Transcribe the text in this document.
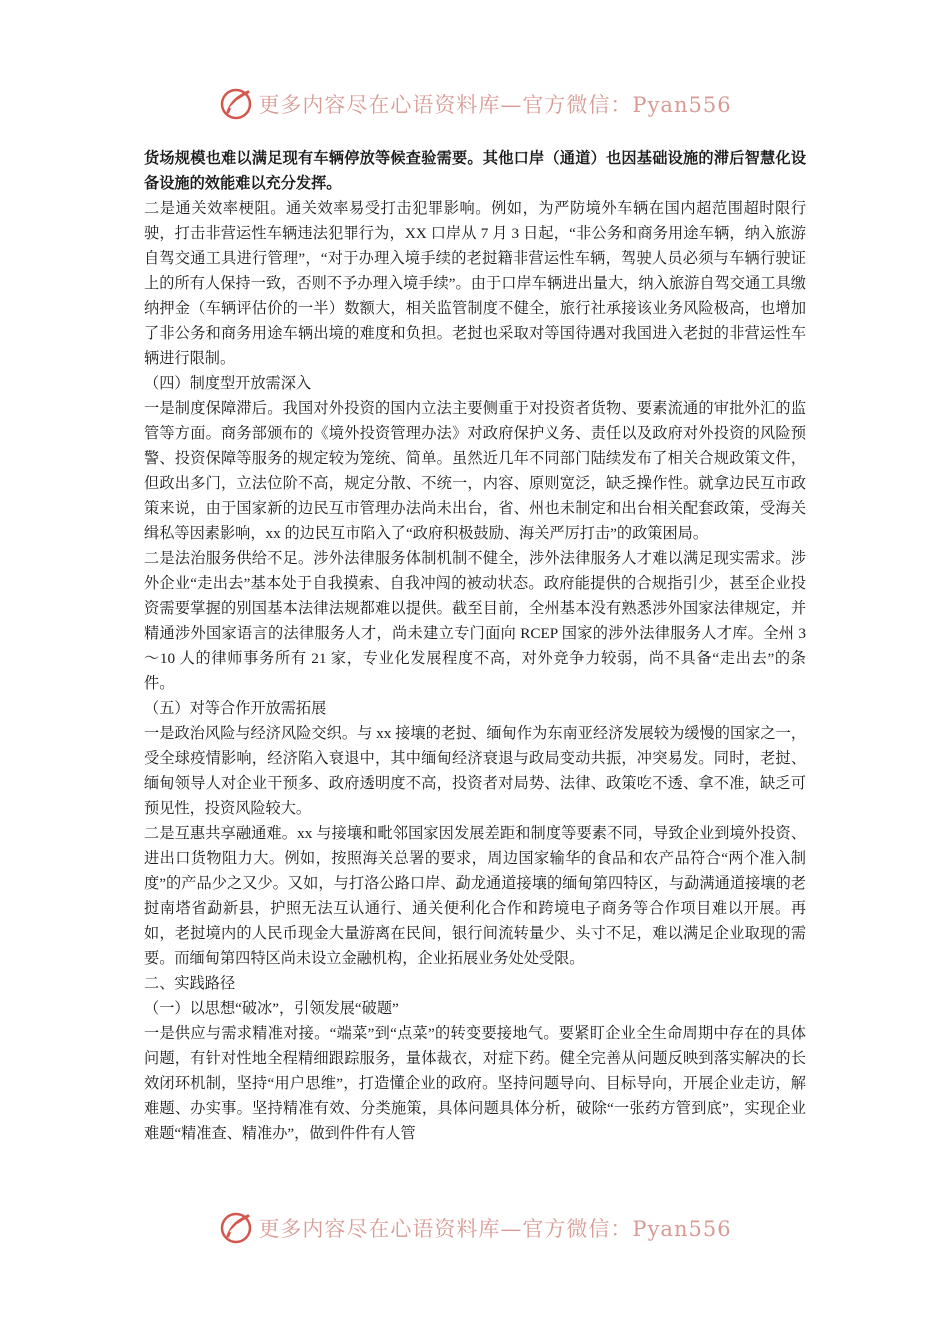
更多内容尽在心语资料库—官方微信：Pyan556

货场规模也难以满足现有车辆停放等候查验需要。其他口岸（通道）也因基础设施的滞后智慧化设备设施的效能难以充分发挥。

二是通关效率梗阻。通关效率易受打击犯罪影响。例如，为严防境外车辆在国内超范围超时限行驶，打击非营运性车辆违法犯罪行为，XX 口岸从 7 月 3 日起，“非公务和商务用途车辆，纳入旅游自驾交通工具进行管理”，“对于办理入境手续的老挝籍非营运性车辆，驾驶人员必须与车辆行驶证上的所有人保持一致，否则不予办理入境手续”。由于口岸车辆进出量大，纳入旅游自驾交通工具缴纳押金（车辆评估价的一半）数额大，相关监管制度不健全，旅行社承接该业务风险极高，也增加了非公务和商务用途车辆出境的难度和负担。老挝也采取对等国待遇对我国进入老挝的非营运性车辆进行限制。

（四）制度型开放需深入

一是制度保障滞后。我国对外投资的国内立法主要侧重于对投资者货物、要素流通的审批外汇的监管等方面。商务部颁布的《境外投资管理办法》对政府保护义务、责任以及政府对外投资的风险预警、投资保障等服务的规定较为笼统、简单。虽然近几年不同部门陆续发布了相关合规政策文件，但政出多门，立法位阶不高，规定分散、不统一，内容、原则宽泛，缺乏操作性。就拿边民互市政策来说，由于国家新的边民互市管理办法尚未出台，省、州也未制定和出台相关配套政策，受海关缉私等因素影响，xx 的边民互市陷入了“政府积极鼓励、海关严厉打击”的政策困局。

二是法治服务供给不足。涉外法律服务体制机制不健全，涉外法律服务人才难以满足现实需求。涉外企业“走出去”基本处于自我摸索、自我冲闯的被动状态。政府能提供的合规指引少，甚至企业投资需要掌握的别国基本法律法规都难以提供。截至目前，全州基本没有熟悉涉外国家法律规定，并精通涉外国家语言的法律服务人才，尚未建立专门面向 RCEP 国家的涉外法律服务人才库。全州 3～10 人的律师事务所有 21 家，专业化发展程度不高，对外竞争力较弱，尚不具备“走出去”的条件。

（五）对等合作开放需拓展

一是政治风险与经济风险交织。与 xx 接壤的老挝、缅甸作为东南亚经济发展较为缓慢的国家之一，受全球疫情影响，经济陷入衰退中，其中缅甸经济衰退与政局变动共振，冲突易发。同时，老挝、缅甸领导人对企业干预多、政府透明度不高，投资者对局势、法律、政策吃不透、拿不准，缺乏可预见性，投资风险较大。

二是互惠共享融通难。xx 与接壤和毗邻国家因发展差距和制度等要素不同，导致企业到境外投资、进出口货物阻力大。例如，按照海关总署的要求，周边国家输华的食品和农产品符合“两个准入制度”的产品少之又少。又如，与打洛公路口岸、勐龙通道接壤的缅甸第四特区，与勐满通道接壤的老挝南塔省勐新县，护照无法互认通行、通关便利化合作和跨境电子商务等合作项目难以开展。再如，老挝境内的人民币现金大量游离在民间，银行间流转量少、头寸不足，难以满足企业取现的需要。而缅甸第四特区尚未设立金融机构，企业拓展业务处处受限。

二、实践路径

（一）以思想“破冰”，引领发展“破题”

一是供应与需求精准对接。“端菜”到“点菜”的转变要接地气。要紧盯企业全生命周期中存在的具体问题，有针对性地全程精细跟踪服务，量体裁衣，对症下药。健全完善从问题反映到落实解决的长效闭环机制，坚持“用户思维”，打造懂企业的政府。坚持问题导向、目标导向，开展企业走访，解难题、办实事。坚持精准有效、分类施策，具体问题具体分析，破除“一张药方管到底”，实现企业难题“精准查、精准办”，做到件件有人管

更多内容尽在心语资料库—官方微信：Pyan556
